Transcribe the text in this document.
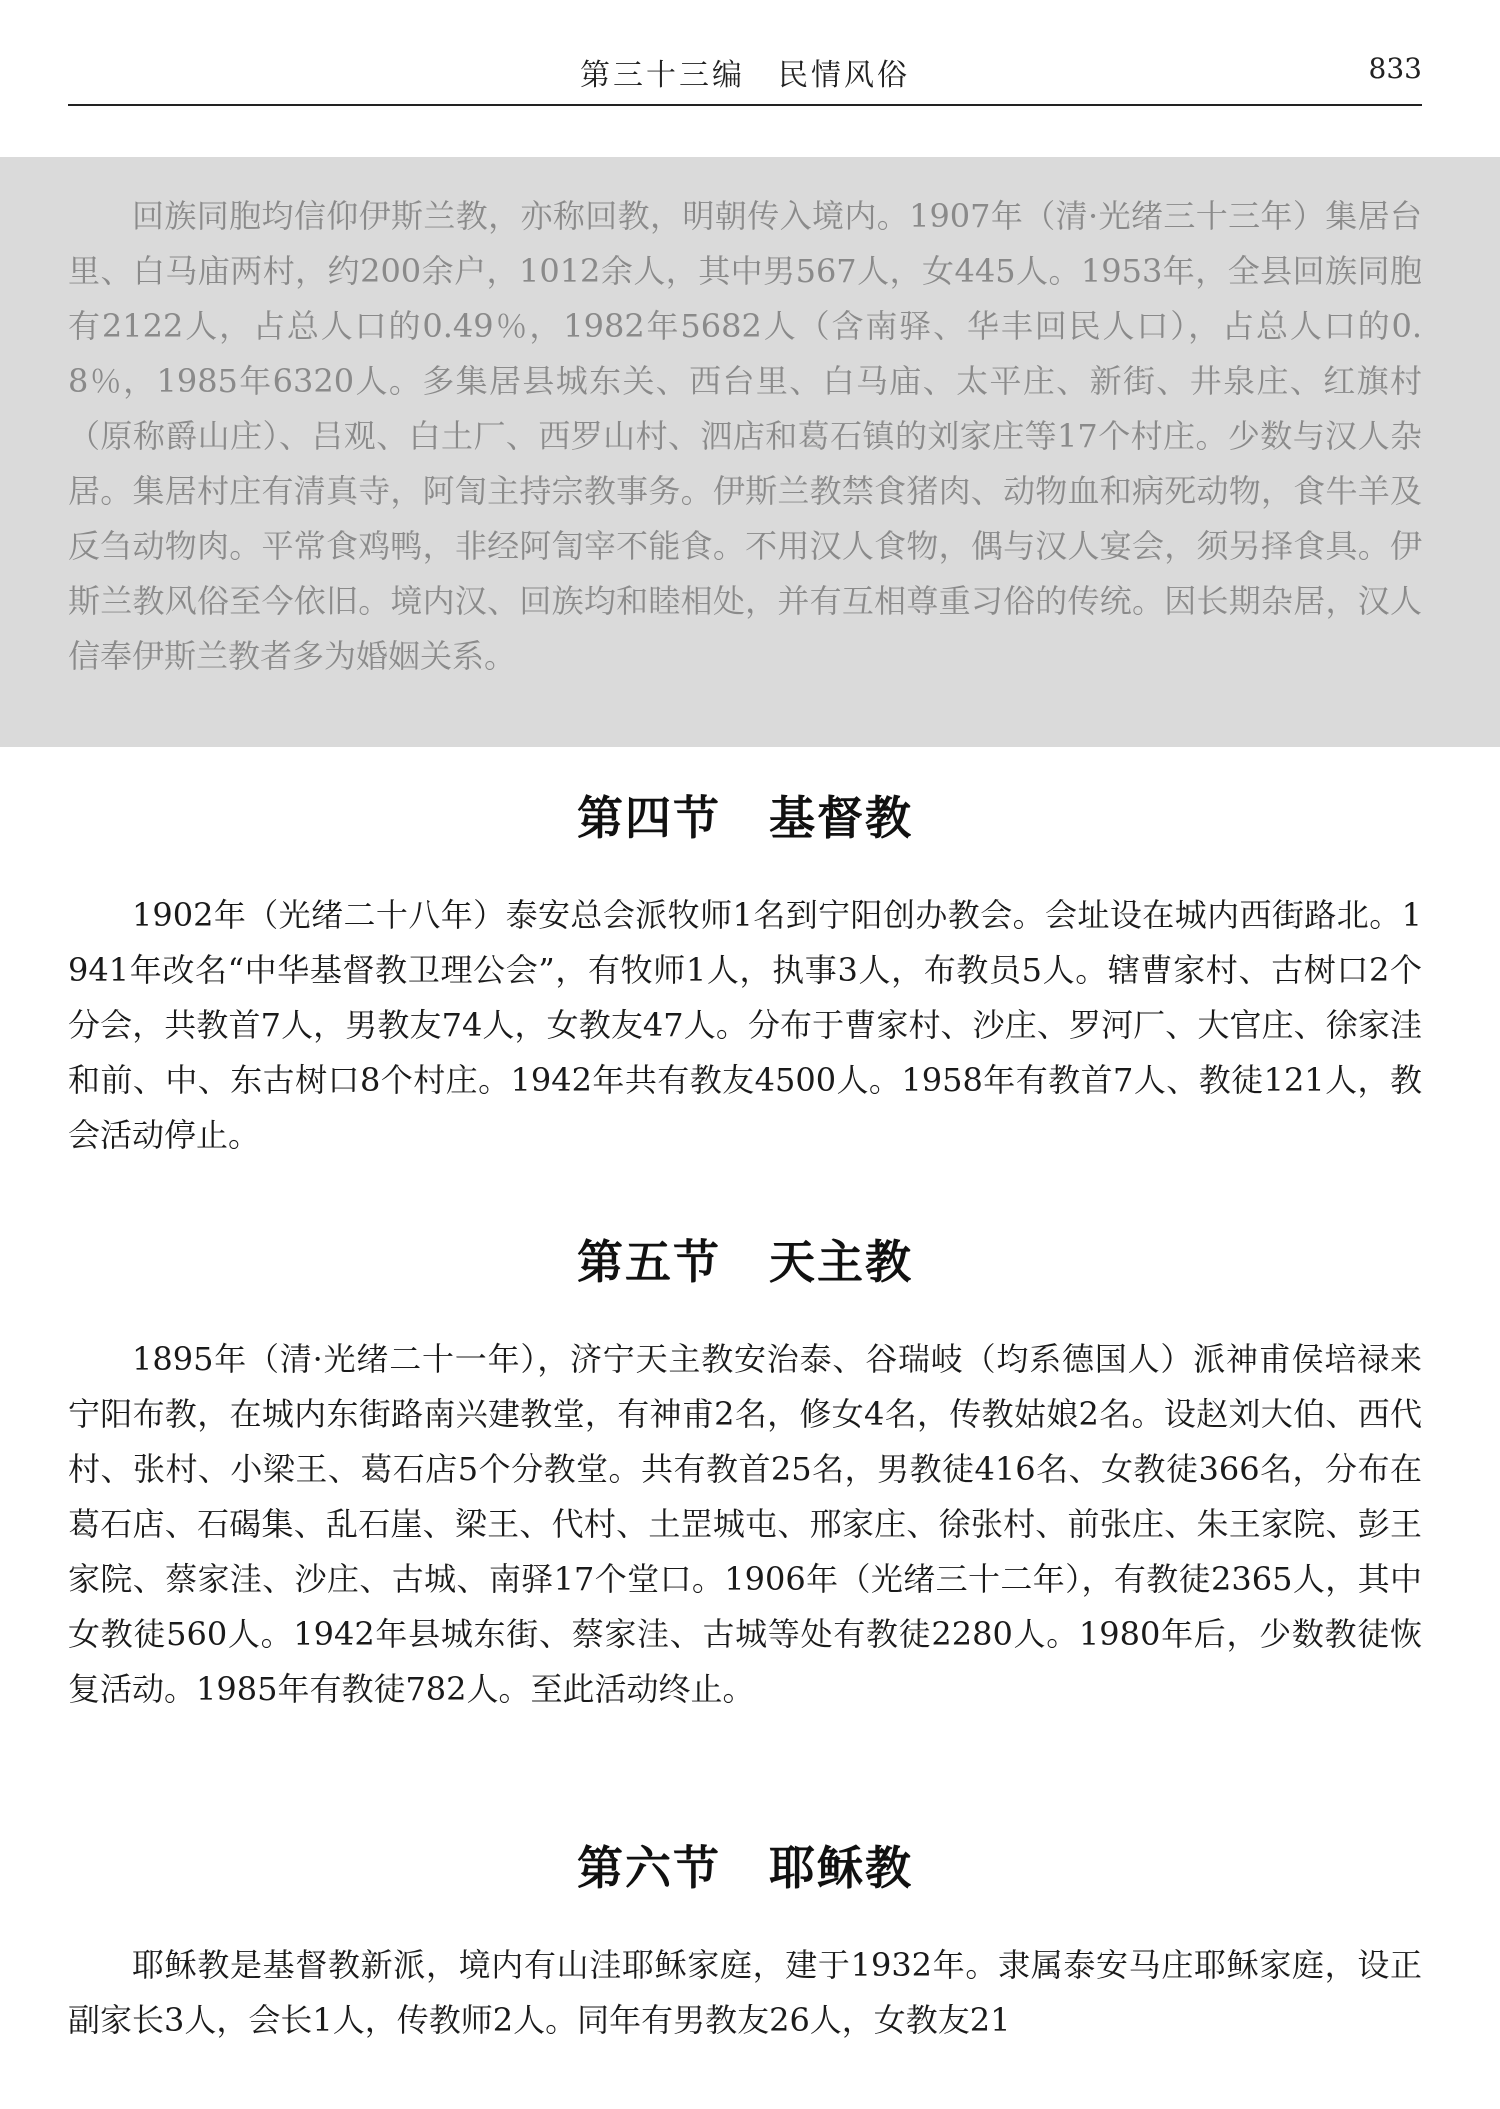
第三十三编　民情风俗	833

回族同胞均信仰伊斯兰教，亦称回教，明朝传入境内。1907年（清·光绪三十三年）集居台里、白马庙两村，约200余户，1012余人，其中男567人，女445人。1953年，全县回族同胞有2122人，占总人口的0.49％，1982年5682人（含南驿、华丰回民人口），占总人口的0.8％，1985年6320人。多集居县城东关、西台里、白马庙、太平庄、新街、井泉庄、红旗村（原称爵山庄）、吕观、白土厂、西罗山村、泗店和葛石镇的刘家庄等17个村庄。少数与汉人杂居。集居村庄有清真寺，阿訇主持宗教事务。伊斯兰教禁食猪肉、动物血和病死动物，食牛羊及反刍动物肉。平常食鸡鸭，非经阿訇宰不能食。不用汉人食物，偶与汉人宴会，须另择食具。伊斯兰教风俗至今依旧。境内汉、回族均和睦相处，并有互相尊重习俗的传统。因长期杂居，汉人信奉伊斯兰教者多为婚姻关系。

第四节　基督教

1902年（光绪二十八年）泰安总会派牧师1名到宁阳创办教会。会址设在城内西街路北。1941年改名“中华基督教卫理公会”，有牧师1人，执事3人，布教员5人。辖曹家村、古树口2个分会，共教首7人，男教友74人，女教友47人。分布于曹家村、沙庄、罗河厂、大官庄、徐家洼和前、中、东古树口8个村庄。1942年共有教友4500人。1958年有教首7人、教徒121人，教会活动停止。

第五节　天主教

1895年（清·光绪二十一年），济宁天主教安治泰、谷瑞岐（均系德国人）派神甫侯培禄来宁阳布教，在城内东街路南兴建教堂，有神甫2名，修女4名，传教姑娘2名。设赵刘大伯、西代村、张村、小梁王、葛石店5个分教堂。共有教首25名，男教徒416名、女教徒366名，分布在葛石店、石碣集、乱石崖、梁王、代村、土罡城屯、邢家庄、徐张村、前张庄、朱王家院、彭王家院、蔡家洼、沙庄、古城、南驿17个堂口。1906年（光绪三十二年），有教徒2365人，其中女教徒560人。1942年县城东街、蔡家洼、古城等处有教徒2280人。1980年后，少数教徒恢复活动。1985年有教徒782人。至此活动终止。

第六节　耶稣教

耶稣教是基督教新派，境内有山洼耶稣家庭，建于1932年。隶属泰安马庄耶稣家庭，设正副家长3人，会长1人，传教师2人。同年有男教友26人，女教友21
